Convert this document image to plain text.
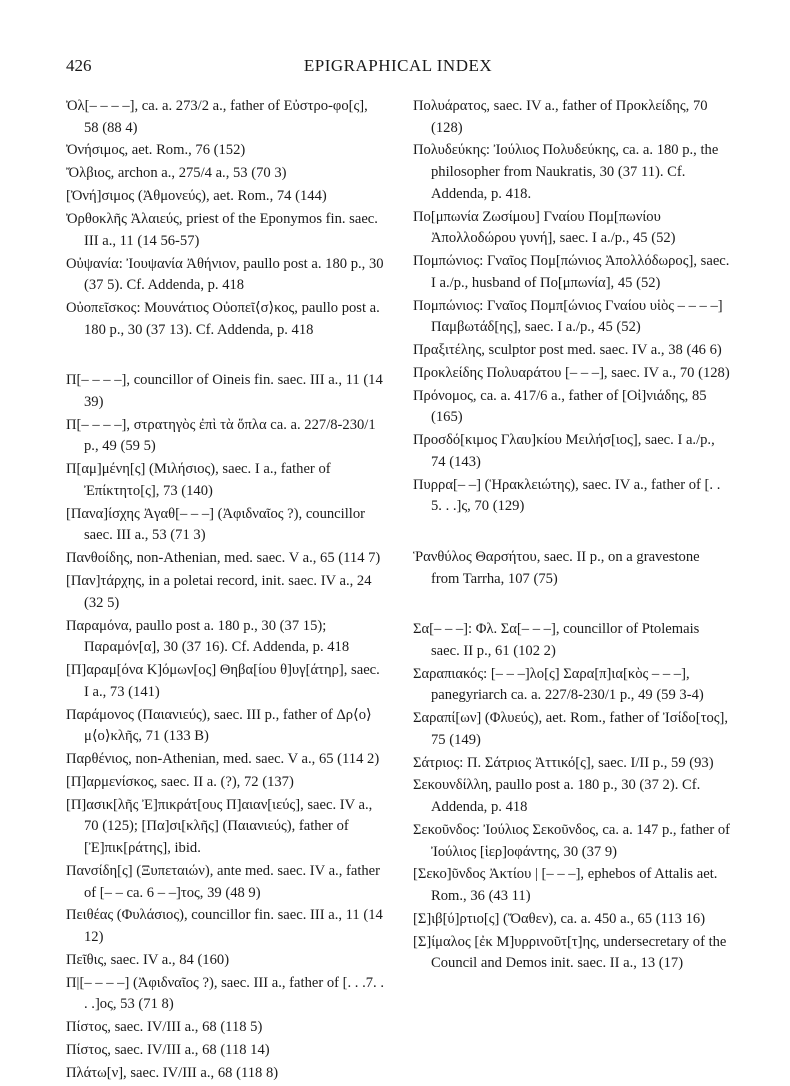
426	EPIGRAPHICAL INDEX

Ὀλ[– – – –], ca. a. 273/2 a., father of Εὐστρο-φο[ς], 58 (88 4)

Ὀνήσιμος, aet. Rom., 76 (152)

Ὄλβιος, archon a., 275/4 a., 53 (70 3)

[Ὀνή]σιμος (Ἀθμονεύς), aet. Rom., 74 (144)

Ὀρθοκλῆς Ἁλαιεύς, priest of the Eponymos fin. saec. III a., 11 (14 56-57)

Οὐψανία: Ἰουψανία Ἀθήνιον, paullo post a. 180 p., 30 (37 5). Cf. Addenda, p. 418

Οὐοπεῖσκος: Μουνάτιος Οὐοπεῖ⟨σ⟩κος, paullo post a. 180 p., 30 (37 13). Cf. Addenda, p. 418

Π[– – – –], councillor of Oineis fin. saec. III a., 11 (14 39)

Π[– – – –], στρατηγὸς ἐπὶ τὰ ὅπλα ca. a. 227/8-230/1 p., 49 (59 5)

Π[αμ]μένη[ς] (Μιλήσιος), saec. I a., father of Ἐπίκτητο[ς], 73 (140)

[Πανα]ίσχης Ἀγαθ[– – –] (Ἀφιδναῖος ?), councillor saec. III a., 53 (71 3)

Πανθοίδης, non-Athenian, med. saec. V a., 65 (114 7)

[Παν]τάρχης, in a poletai record, init. saec. IV a., 24 (32 5)

Παραμόνα, paullo post a. 180 p., 30 (37 15); Παραμόν[α], 30 (37 16). Cf. Addenda, p. 418

[Π]αραμ[όνα Κ]όμων[ος] Θηβα[ίου θ]υγ[άτηρ], saec. I a., 73 (141)

Παράμονος (Παιανιεύς), saec. III p., father of Δρ⟨ο⟩μ⟨ο⟩κλῆς, 71 (133 B)

Παρθένιος, non-Athenian, med. saec. V a., 65 (114 2)

[Π]αρμενίσκος, saec. II a. (?), 72 (137)

[Π]ασικ[λῆς Ἐ]πικράτ[ους Π]αιαν[ιεύς], saec. IV a., 70 (125); [Πα]σι[κλῆς] (Παιανιεύς), father of [Ἐ]πικ[ράτης], ibid.

Πανσίδη[ς] (Ξυπεταιών), ante med. saec. IV a., father of [– – ca. 6 – –]τος, 39 (48 9)

Πειθέας (Φυλάσιος), councillor fin. saec. III a., 11 (14 12)

Πεῖθις, saec. IV a., 84 (160)

Π|[– – – –] (Ἀφιδναῖος ?), saec. III a., father of [. . .7. . . .]ος, 53 (71 8)

Πίστος, saec. IV/III a., 68 (118 5)

Πίστος, saec. IV/III a., 68 (118 14)

Πλάτω[ν], saec. IV/III a., 68 (118 8)

Πολυάρατος, saec. IV a., father of Προκλείδης, 70 (128)

Πολυδεύκης: Ἰούλιος Πολυδεύκης, ca. a. 180 p., the philosopher from Naukratis, 30 (37 11). Cf. Addenda, p. 418.

Πο[μπωνία Ζωσίμου] Γναίου Πομ[πωνίου Ἀπολλοδώρου γυνή], saec. I a./p., 45 (52)

Πομπώνιος: Γναῖος Πομ[πώνιος Ἀπολλόδωρος], saec. I a./p., husband of Πο[μπωνία], 45 (52)

Πομπώνιος: Γναῖος Πομπ[ώνιος Γναίου υἱὸς – – – –] Παμβωτάδ[ης], saec. I a./p., 45 (52)

Πραξιτέλης, sculptor post med. saec. IV a., 38 (46 6)

Προκλείδης Πολυαράτου [– – –], saec. IV a., 70 (128)

Πρόνομος, ca. a. 417/6 a., father of [Οἰ]νιάδης, 85 (165)

Προσδό[κιμος Γλαυ]κίου Μειλήσ[ιος], saec. I a./p., 74 (143)

Πυρρα[– –] (Ἡρακλειώτης), saec. IV a., father of [. . 5. . .]ς, 70 (129)

Ῥανθύλος Θαρσήτου, saec. II p., on a gravestone from Tarrha, 107 (75)

Σα[– – –]: Φλ. Σα[– – –], councillor of Ptolemais saec. II p., 61 (102 2)

Σαραπιακός: [– – –]λο[ς] Σαρα[π]ια[κὸς – – –], panegyriarch ca. a. 227/8-230/1 p., 49 (59 3-4)

Σαραπί[ων] (Φλυεύς), aet. Rom., father of Ἰσίδο[τος], 75 (149)

Σάτριος: Π. Σάτριος Ἀττικό[ς], saec. I/II p., 59 (93)

Σεκουνδίλλη, paullo post a. 180 p., 30 (37 2). Cf. Addenda, p. 418

Σεκοῦνδος: Ἰούλιος Σεκοῦνδος, ca. a. 147 p., father of Ἰούλιος [ἱερ]οφάντης, 30 (37 9)

[Σεκο]ῦνδος Ἀκτίου | [– – –], ephebos of Attalis aet. Rom., 36 (43 11)

[Σ]ιβ[ύ]ρτιο[ς] (Ὄαθεν), ca. a. 450 a., 65 (113 16)

[Σ]ίμαλος [ἐκ Μ]υρρινοῦτ[τ]ης, undersecretary of the Council and Demos init. saec. II a., 13 (17)
